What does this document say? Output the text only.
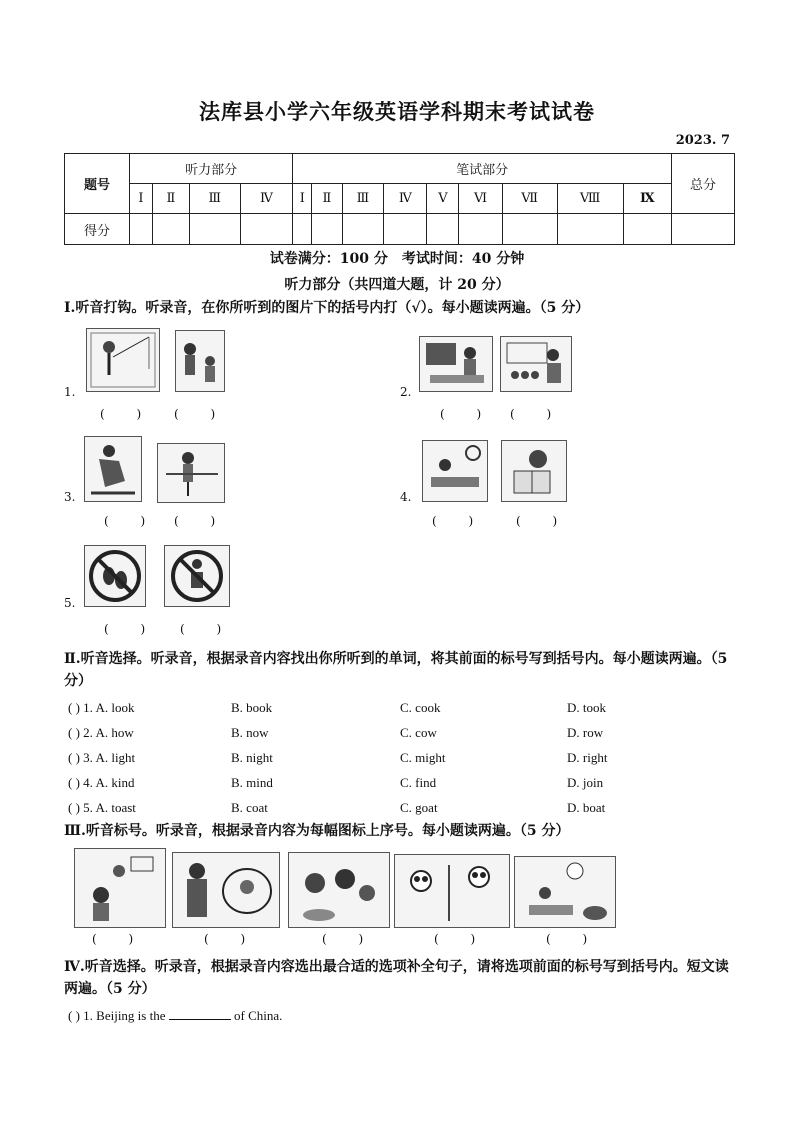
法库县小学六年级英语学科期末考试试卷
2023. 7
题号	听力部分				笔试部分									总分
	Ⅰ	Ⅱ	Ⅲ	Ⅳ	Ⅰ	Ⅱ	Ⅲ	Ⅳ	Ⅴ	Ⅵ	Ⅶ	Ⅷ	Ⅸ	
得分														
试卷满分：100 分　考试时间：40 分钟
听力部分（共四道大题，计 20 分）
Ⅰ.听音打钩。听录音，在你所听到的图片下的括号内打（√）。每小题读两遍。（5 分）
1.
( ) ( )
2.
( ) ( )
3.
( ) ( )
4.
( ) ( )
5.
( ) ( )
Ⅱ.听音选择。听录音，根据录音内容找出你所听到的单词，将其前面的标号写到括号内。每小题读两遍。（5 分）
( ) 1. A. look	B. book	C. cook	D. took
( ) 2. A. how	B. now	C. cow	D. row
( ) 3. A. light	B. night	C. might	D. right
( ) 4. A. kind	B. mind	C. find	D. join
( ) 5. A. toast	B. coat	C. goat	D. boat
Ⅲ.听音标号。听录音，根据录音内容为每幅图标上序号。每小题读两遍。（5 分）
( )	( )	( )	( )	( )
Ⅳ.听音选择。听录音，根据录音内容选出最合适的选项补全句子，请将选项前面的标号写到括号内。短文读两遍。（5 分）
( ) 1. Beijing is the	of China.
